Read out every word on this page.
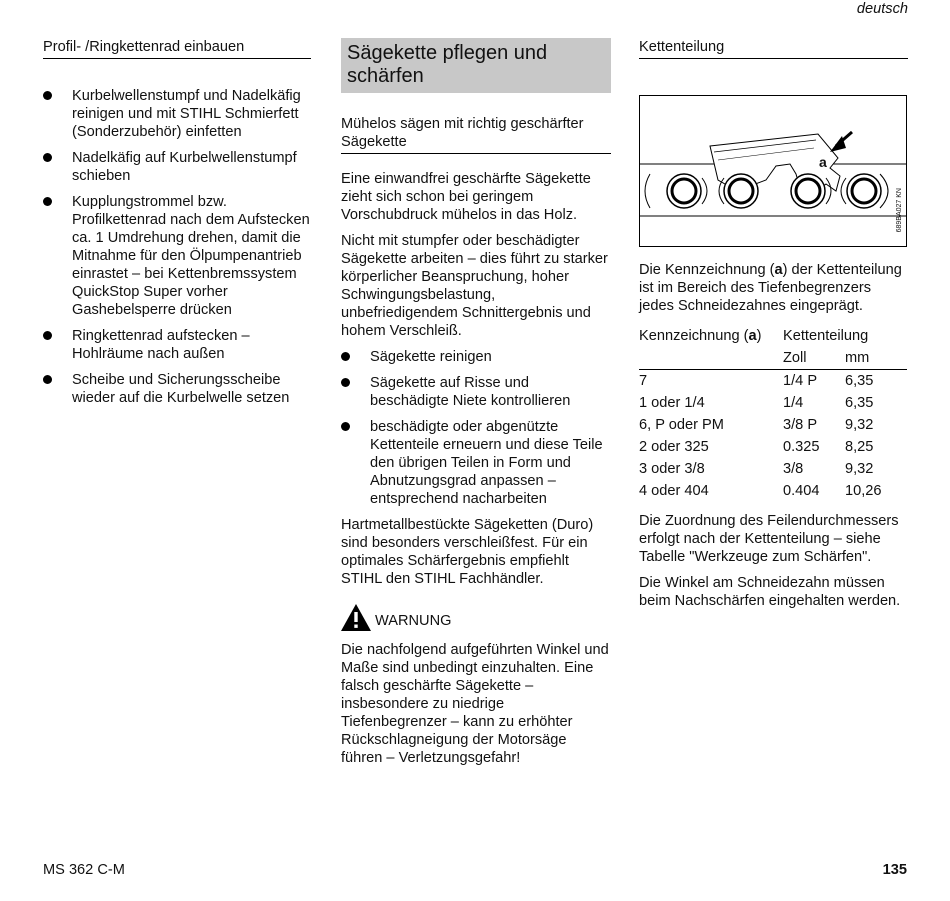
deutsch
Profil- /Ringkettenrad einbauen
Kurbelwellenstumpf und Nadelkäfig reinigen und mit STIHL Schmierfett (Sonderzubehör) einfetten
Nadelkäfig auf Kurbelwellenstumpf schieben
Kupplungstrommel bzw. Profilkettenrad nach dem Aufstecken ca. 1 Umdrehung drehen, damit die Mitnahme für den Ölpumpenantrieb einrastet – bei Kettenbremssystem QuickStop Super vorher Gashebelsperre drücken
Ringkettenrad aufstecken – Hohlräume nach außen
Scheibe und Sicherungsscheibe wieder auf die Kurbelwelle setzen
Sägekette pflegen und schärfen
Mühelos sägen mit richtig geschärfter Sägekette

Eine einwandfrei geschärfte Sägekette zieht sich schon bei geringem Vorschubdruck mühelos in das Holz.

Nicht mit stumpfer oder beschädigter Sägekette arbeiten – dies führt zu starker körperlicher Beanspruchung, hoher Schwingungsbelastung, unbefriedigendem Schnittergebnis und hohem Verschleiß.

Sägekette reinigen
Sägekette auf Risse und beschädigte Niete kontrollieren
beschädigte oder abgenützte Kettenteile erneuern und diese Teile den übrigen Teilen in Form und Abnutzungsgrad anpassen – entsprechend nacharbeiten

Hartmetallbestückte Sägeketten (Duro) sind besonders verschleißfest. Für ein optimales Schärfergebnis empfiehlt STIHL den STIHL Fachhändler.

WARNUNG

Die nachfolgend aufgeführten Winkel und Maße sind unbedingt einzuhalten. Eine falsch geschärfte Sägekette – insbesondere zu niedrige Tiefenbegrenzer – kann zu erhöhter Rückschlagneigung der Motorsäge führen – Verletzungsgefahr!

Kettenteilung
a
689BA027 KN

Die Kennzeichnung (a) der Kettenteilung ist im Bereich des Tiefenbegrenzers jedes Schneidezahnes eingeprägt.

Kennzeichnung (a)	Kettenteilung	
	Zoll	mm
7	1/4 P	6,35
1 oder 1/4	1/4	6,35
6, P oder PM	3/8 P	9,32
2 oder 325	0.325	8,25
3 oder 3/8	3/8	9,32
4 oder 404	0.404	10,26

Die Zuordnung des Feilendurchmessers erfolgt nach der Kettenteilung – siehe Tabelle "Werkzeuge zum Schärfen".

Die Winkel am Schneidezahn müssen beim Nachschärfen eingehalten werden.

MS 362 C-M	135
